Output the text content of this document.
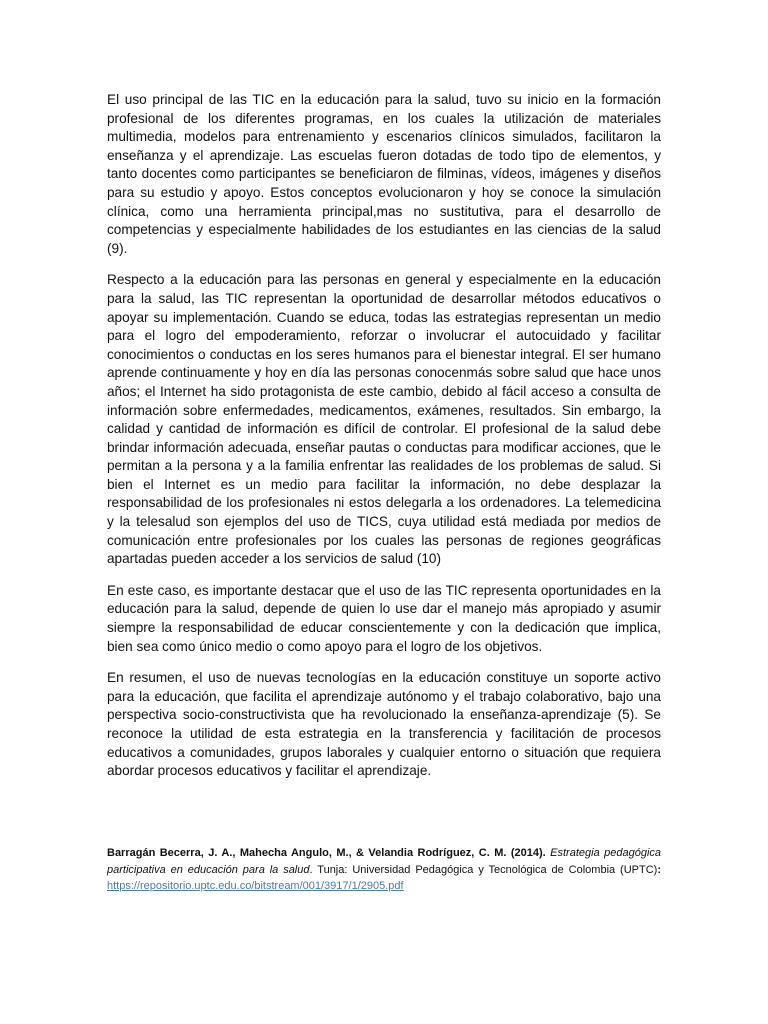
El uso principal de las TIC en la educación para la salud, tuvo su inicio en la formación profesional de los diferentes programas, en los cuales la utilización de materiales multimedia, modelos para entrenamiento y escenarios clínicos simulados, facilitaron la enseñanza y el aprendizaje. Las escuelas fueron dotadas de todo tipo de elementos, y tanto docentes como participantes se beneficiaron de filminas, vídeos, imágenes y diseños para su estudio y apoyo. Estos conceptos evolucionaron y hoy se conoce la simulación clínica, como una herramienta principal,mas no sustitutiva, para el desarrollo de competencias y especialmente habilidades de los estudiantes en las ciencias de la salud (9).

Respecto a la educación para las personas en general y especialmente en la educación para la salud, las TIC representan la oportunidad de desarrollar métodos educativos o apoyar su implementación. Cuando se educa, todas las estrategias representan un medio para el logro del empoderamiento, reforzar o involucrar el autocuidado y facilitar conocimientos o conductas en los seres humanos para el bienestar integral. El ser humano aprende continuamente y hoy en día las personas conocenmás sobre salud que hace unos años; el Internet ha sido protagonista de este cambio, debido al fácil acceso a consulta de información sobre enfermedades, medicamentos, exámenes, resultados. Sin embargo, la calidad y cantidad de información es difícil de controlar. El profesional de la salud debe brindar información adecuada, enseñar pautas o conductas para modificar acciones, que le permitan a la persona y a la familia enfrentar las realidades de los problemas de salud. Si bien el Internet es un medio para facilitar la información, no debe desplazar la responsabilidad de los profesionales ni estos delegarla a los ordenadores. La telemedicina y la telesalud son ejemplos del uso de TICS, cuya utilidad está mediada por medios de comunicación entre profesionales por los cuales las personas de regiones geográficas apartadas pueden acceder a los servicios de salud (10)

En este caso, es importante destacar que el uso de las TIC representa oportunidades en la educación para la salud, depende de quien lo use dar el manejo más apropiado y asumir siempre la responsabilidad de educar conscientemente y con la dedicación que implica, bien sea como único medio o como apoyo para el logro de los objetivos.

En resumen, el uso de nuevas tecnologías en la educación constituye un soporte activo para la educación, que facilita el aprendizaje autónomo y el trabajo colaborativo, bajo una perspectiva socio-constructivista que ha revolucionado la enseñanza-aprendizaje (5). Se reconoce la utilidad de esta estrategia en la transferencia y facilitación de procesos educativos a comunidades, grupos laborales y cualquier entorno o situación que requiera abordar procesos educativos y facilitar el aprendizaje.

Barragán Becerra, J. A., Mahecha Angulo, M., & Velandia Rodríguez, C. M. (2014). Estrategia pedagógica participativa en educación para la salud. Tunja: Universidad Pedagógica y Tecnológica de Colombia (UPTC): https://repositorio.uptc.edu.co/bitstream/001/3917/1/2905.pdf
